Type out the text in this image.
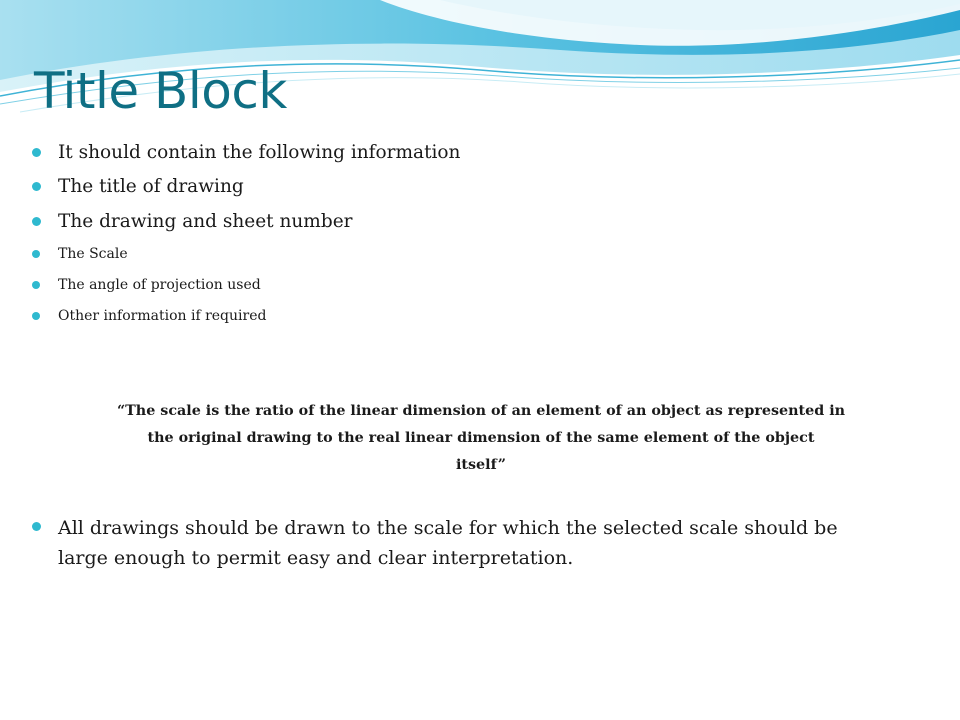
Title Block
It should contain the following information
The title of drawing
The drawing and sheet number
The Scale
The angle of projection used
Other information if required

“The scale is the ratio of the linear dimension of an element of an object as represented in
the original drawing to the real linear dimension of the same element of the object
itself”

All drawings should be drawn to the scale for which the selected scale should be
large enough to permit easy and clear interpretation.
